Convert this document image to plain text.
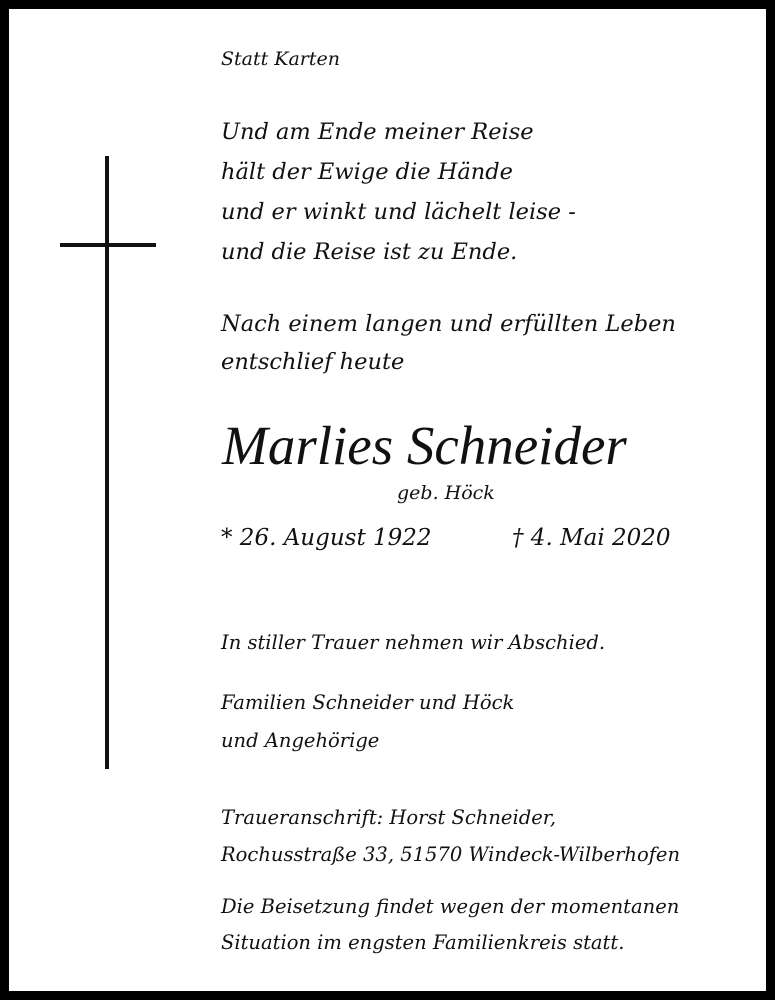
Statt Karten

Und am Ende meiner Reise

hält der Ewige die Hände

und er winkt und lächelt leise -

und die Reise ist zu Ende.

Nach einem langen und erfüllten Leben

entschlief heute

Marlies Schneider

geb. Höck

* 26. August 1922	† 4. Mai 2020

In stiller Trauer nehmen wir Abschied.

Familien Schneider und Höck

und Angehörige

Traueranschrift: Horst Schneider,

Rochusstraße 33, 51570 Windeck-Wilberhofen

Die Beisetzung findet wegen der momentanen

Situation im engsten Familienkreis statt.
